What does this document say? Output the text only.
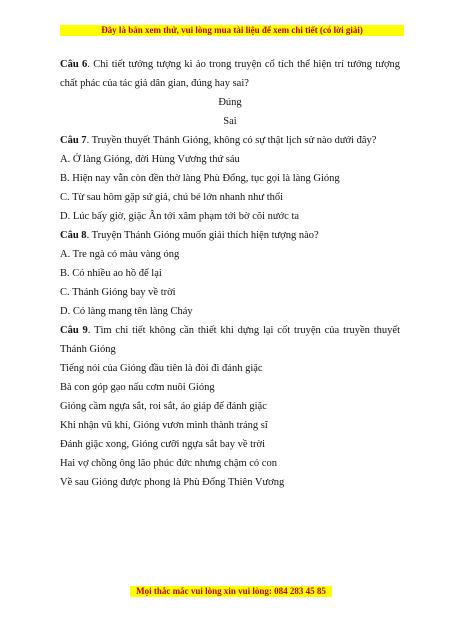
Đây là bản xem thử, vui lòng mua tài liệu để xem chi tiết (có lời giải)

Câu 6. Chi tiết tưởng tượng kì ảo trong truyện cổ tích thể hiện trí tưởng tượng

chất phác của tác giả dân gian, đúng hay sai?

Đúng

Sai

Câu 7. Truyền thuyết Thánh Gióng, không có sự thật lịch sử nào dưới đây?

A. Ở làng Gióng, đời Hùng Vương thứ sáu

B. Hiện nay vẫn còn đền thờ làng Phù Đổng, tục gọi là làng Gióng

C. Từ sau hôm gặp sứ giả, chú bé lớn nhanh như thổi

D. Lúc bấy giờ, giặc Ân tới xâm phạm tới bờ cõi nước ta

Câu 8. Truyện Thánh Gióng muốn giải thích hiện tượng nào?

A. Tre ngà có màu vàng óng

B. Có nhiều ao hồ để lại

C. Thánh Gióng bay về trời

D. Có làng mang tên làng Cháy

Câu 9. Tìm chi tiết không cần thiết khi dựng lại cốt truyện của truyền thuyết

Thánh Gióng

Tiếng nói của Gióng đầu tiên là đòi đi đánh giặc

Bà con góp gạo nấu cơm nuôi Gióng

Gióng cầm ngựa sắt, roi sắt, áo giáp để đánh giặc

Khi nhận vũ khí, Gióng vươn mình thành tráng sĩ

Đánh giặc xong, Gióng cưỡi ngựa sắt bay về trời

Hai vợ chồng ông lão phúc đức nhưng chậm có con

Về sau Gióng được phong là Phù Đổng Thiên Vương

Mọi thắc mắc vui lòng xin vui lòng: 084 283 45 85
